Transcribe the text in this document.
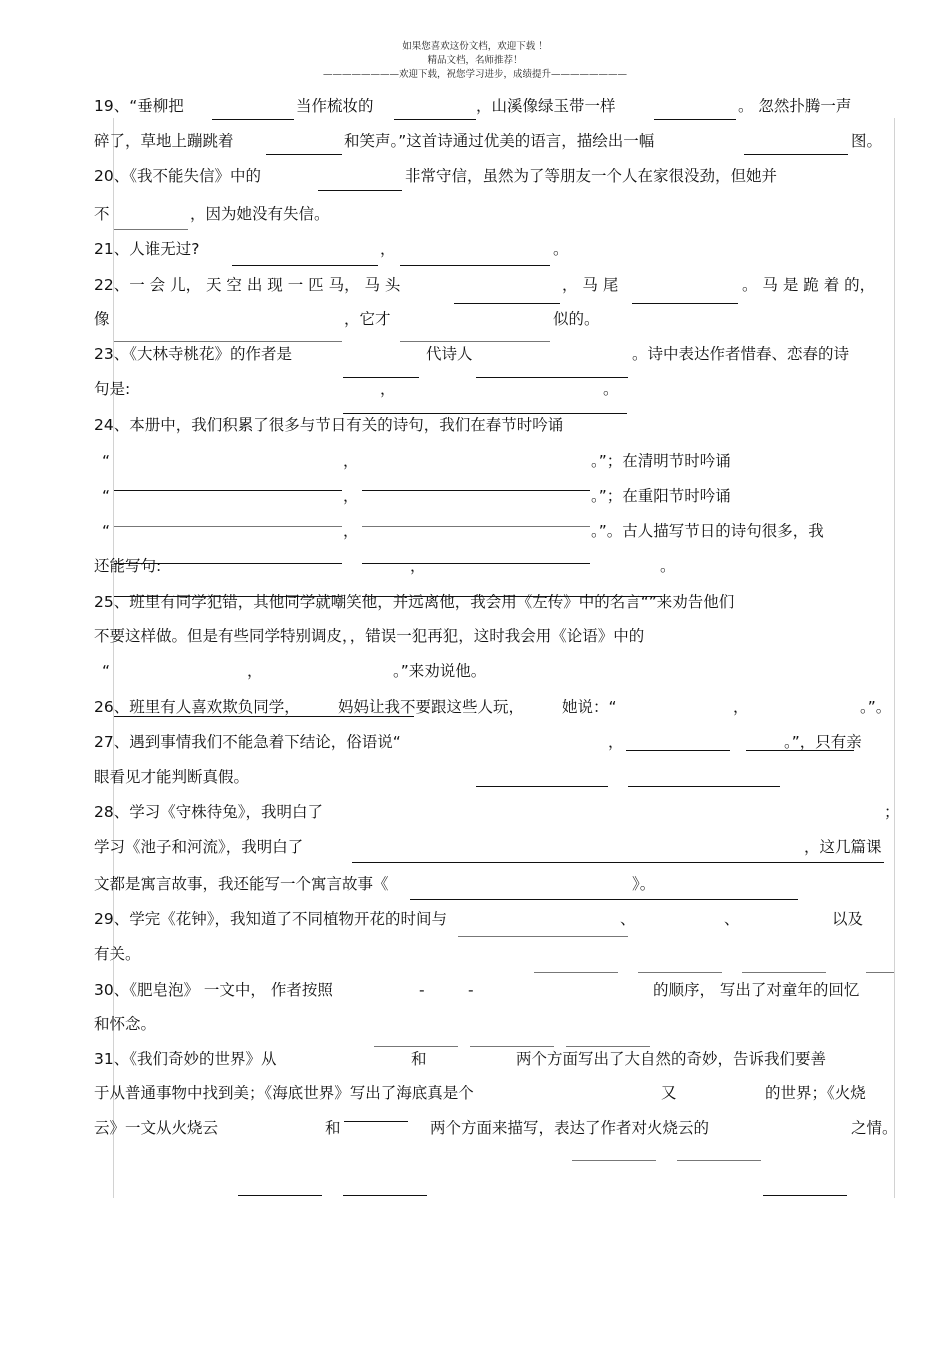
如果您喜欢这份文档，欢迎下载 ！
精品文档，名师推荐！
————————欢迎下载，祝您学习进步，成绩提升————————
19、“垂柳把	当作梳妆的	，山溪像绿玉带一样	。 忽然扑腾一声
碎了，草地上蹦跳着	和笑声。”这首诗通过优美的语言，描绘出一幅	图。
20、《我不能失信》中的	非常守信，虽然为了等朋友一个人在家很没劲，但她并
不	，因为她没有失信。
21、人谁无过?	，	。
22、一 会 儿， 天 空 出 现 一 匹 马， 马 头	， 马 尾	。 马 是 跪 着 的，
像	，它才	似的。
23、《大林寺桃花》的作者是	代诗人	。诗中表达作者惜春、恋春的诗
句是:	，	。
24、本册中，我们积累了很多与节日有关的诗句，我们在春节时吟诵
“	，	。”；在清明节时吟诵
“	，	。”；在重阳节时吟诵
“	，	。”。古人描写节日的诗句很多，我
还能写句:	，	。
25、班里有同学犯错，其他同学就嘲笑他，并远离他，我会用《左传》中的名言“”来劝告他们
不要这样做。但是有些同学特别调皮，，错误一犯再犯，这时我会用《论语》中的
“	，	。”来劝说他。
26、班里有人喜欢欺负同学， 妈妈让我不要跟这些人玩， 她说：“	，	。”。
27、遇到事情我们不能急着下结论，俗语说“	，	。”，只有亲
眼看见才能判断真假。
28、学习《守株待兔》，我明白了	；
学习《池子和河流》，我明白了	，这几篇课
文都是寓言故事，我还能写一个寓言故事《	》。
29、学完《花钟》，我知道了不同植物开花的时间与	、	、	以及
有关。
30、《肥皂泡》 一文中， 作者按照	-	-	的顺序， 写出了对童年的回忆
和怀念。
31、《我们奇妙的世界》从	和	两个方面写出了大自然的奇妙，告诉我们要善
于从普通事物中找到美；《海底世界》写出了海底真是个	又	的世界；《火烧
云》一文从火烧云	和	两个方面来描写，表达了作者对火烧云的	之情。
